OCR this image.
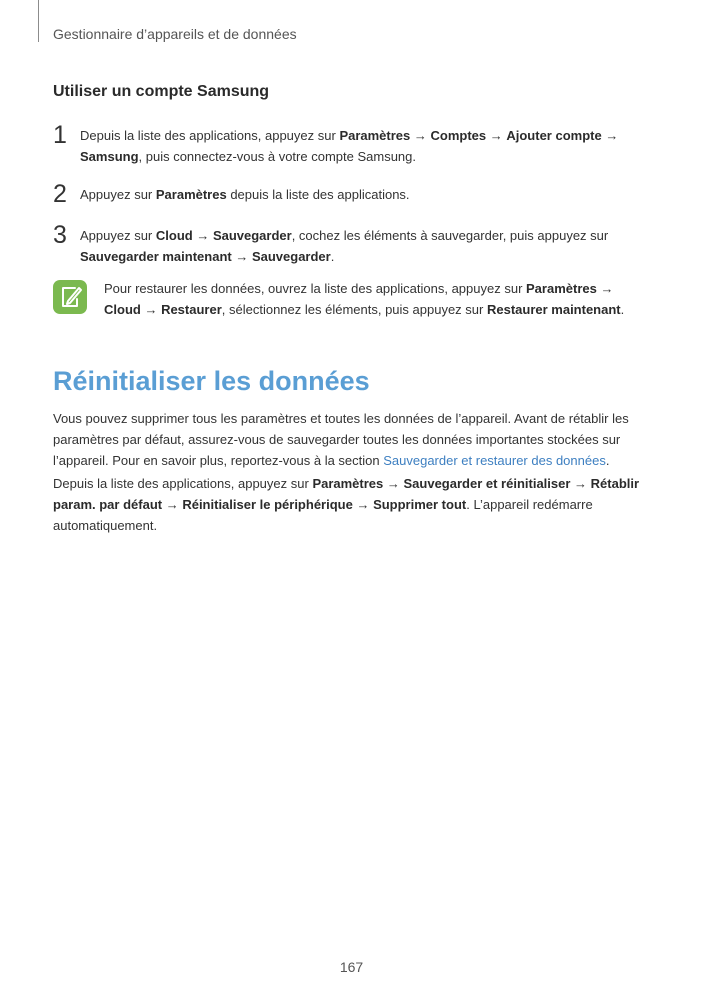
Gestionnaire d’appareils et de données
Utiliser un compte Samsung
1 Depuis la liste des applications, appuyez sur Paramètres → Comptes → Ajouter compte → Samsung, puis connectez-vous à votre compte Samsung.
2 Appuyez sur Paramètres depuis la liste des applications.
3 Appuyez sur Cloud → Sauvegarder, cochez les éléments à sauvegarder, puis appuyez sur Sauvegarder maintenant → Sauvegarder.
Pour restaurer les données, ouvrez la liste des applications, appuyez sur Paramètres → Cloud → Restaurer, sélectionnez les éléments, puis appuyez sur Restaurer maintenant.
Réinitialiser les données
Vous pouvez supprimer tous les paramètres et toutes les données de l’appareil. Avant de rétablir les paramètres par défaut, assurez-vous de sauvegarder toutes les données importantes stockées sur l’appareil. Pour en savoir plus, reportez-vous à la section Sauvegarder et restaurer des données.
Depuis la liste des applications, appuyez sur Paramètres → Sauvegarder et réinitialiser → Rétablir param. par défaut → Réinitialiser le périphérique → Supprimer tout. L’appareil redémarre automatiquement.
167
